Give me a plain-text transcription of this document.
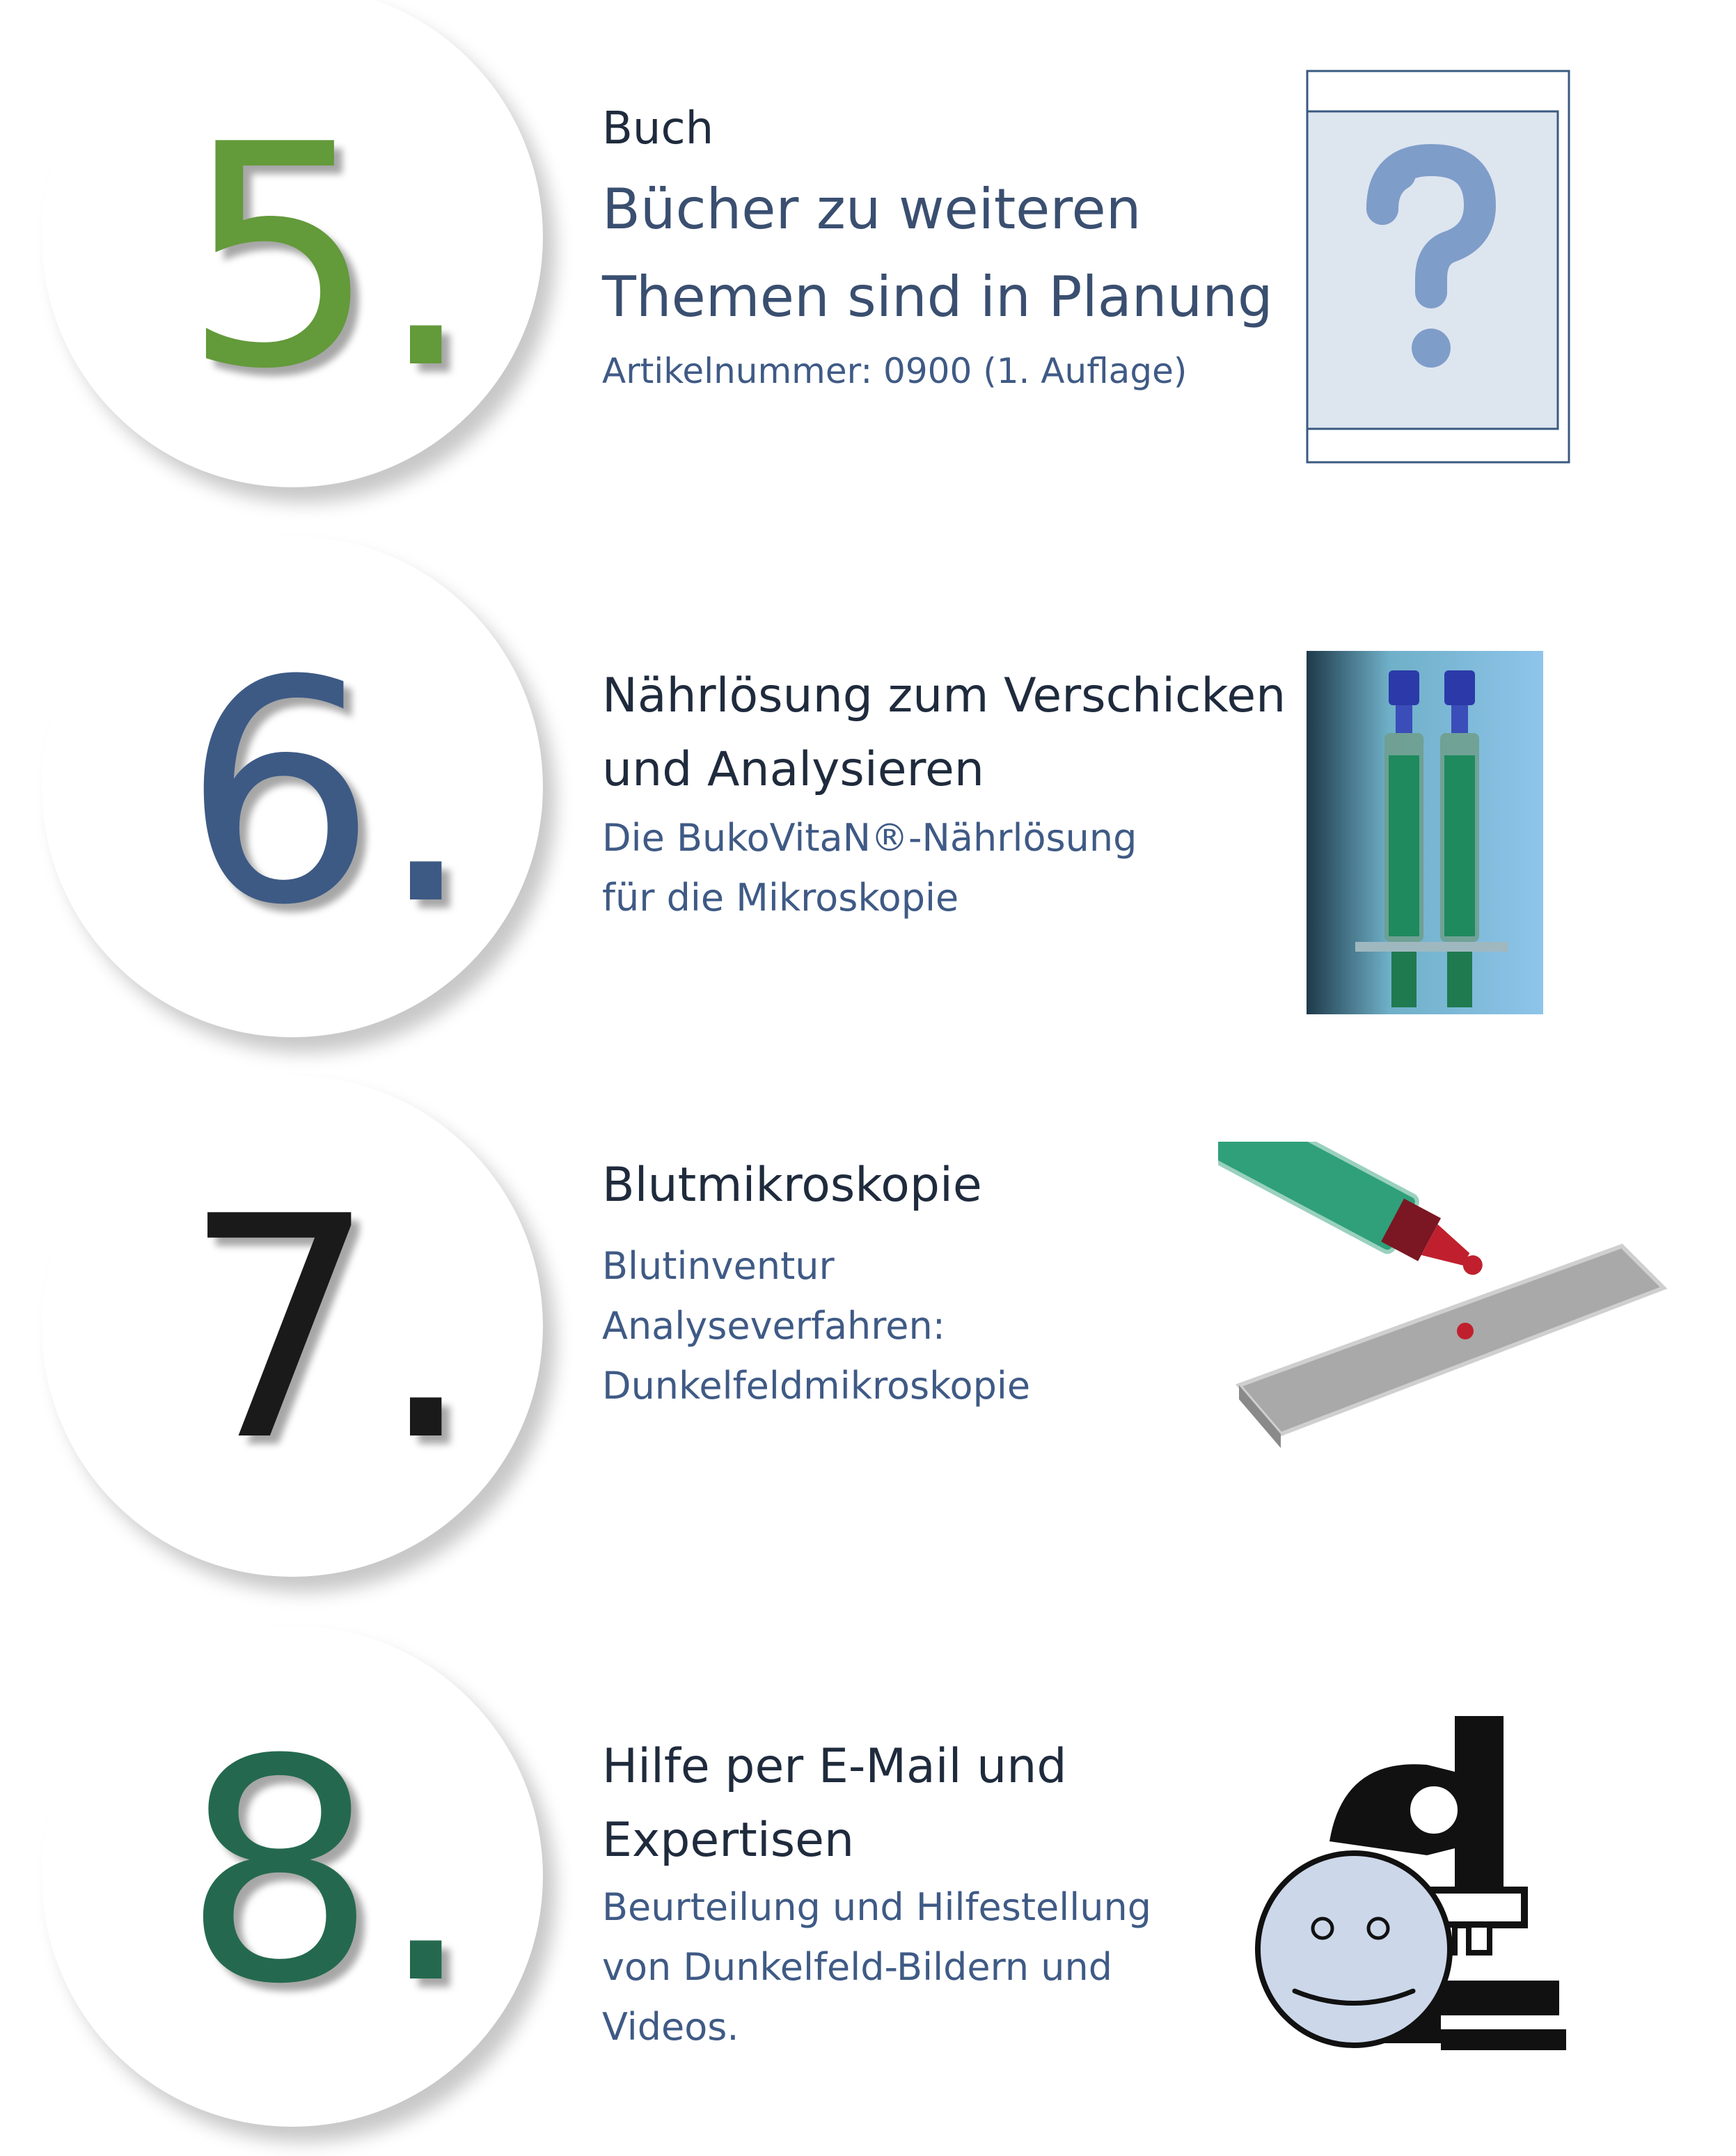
5.	Buch
Bücher zu weiteren
Themen sind in Planung
Artikelnummer: 0900 (1. Auflage)
6.	Nährlösung zum Verschicken
und Analysieren
Die BukoVitaN®-Nährlösung
für die Mikroskopie
7.	Blutmikroskopie
Blutinventur
Analyseverfahren:
Dunkelfeldmikroskopie
8.	Hilfe per E-Mail und
Expertisen
Beurteilung und Hilfestellung
von Dunkelfeld-Bildern und
Videos.
